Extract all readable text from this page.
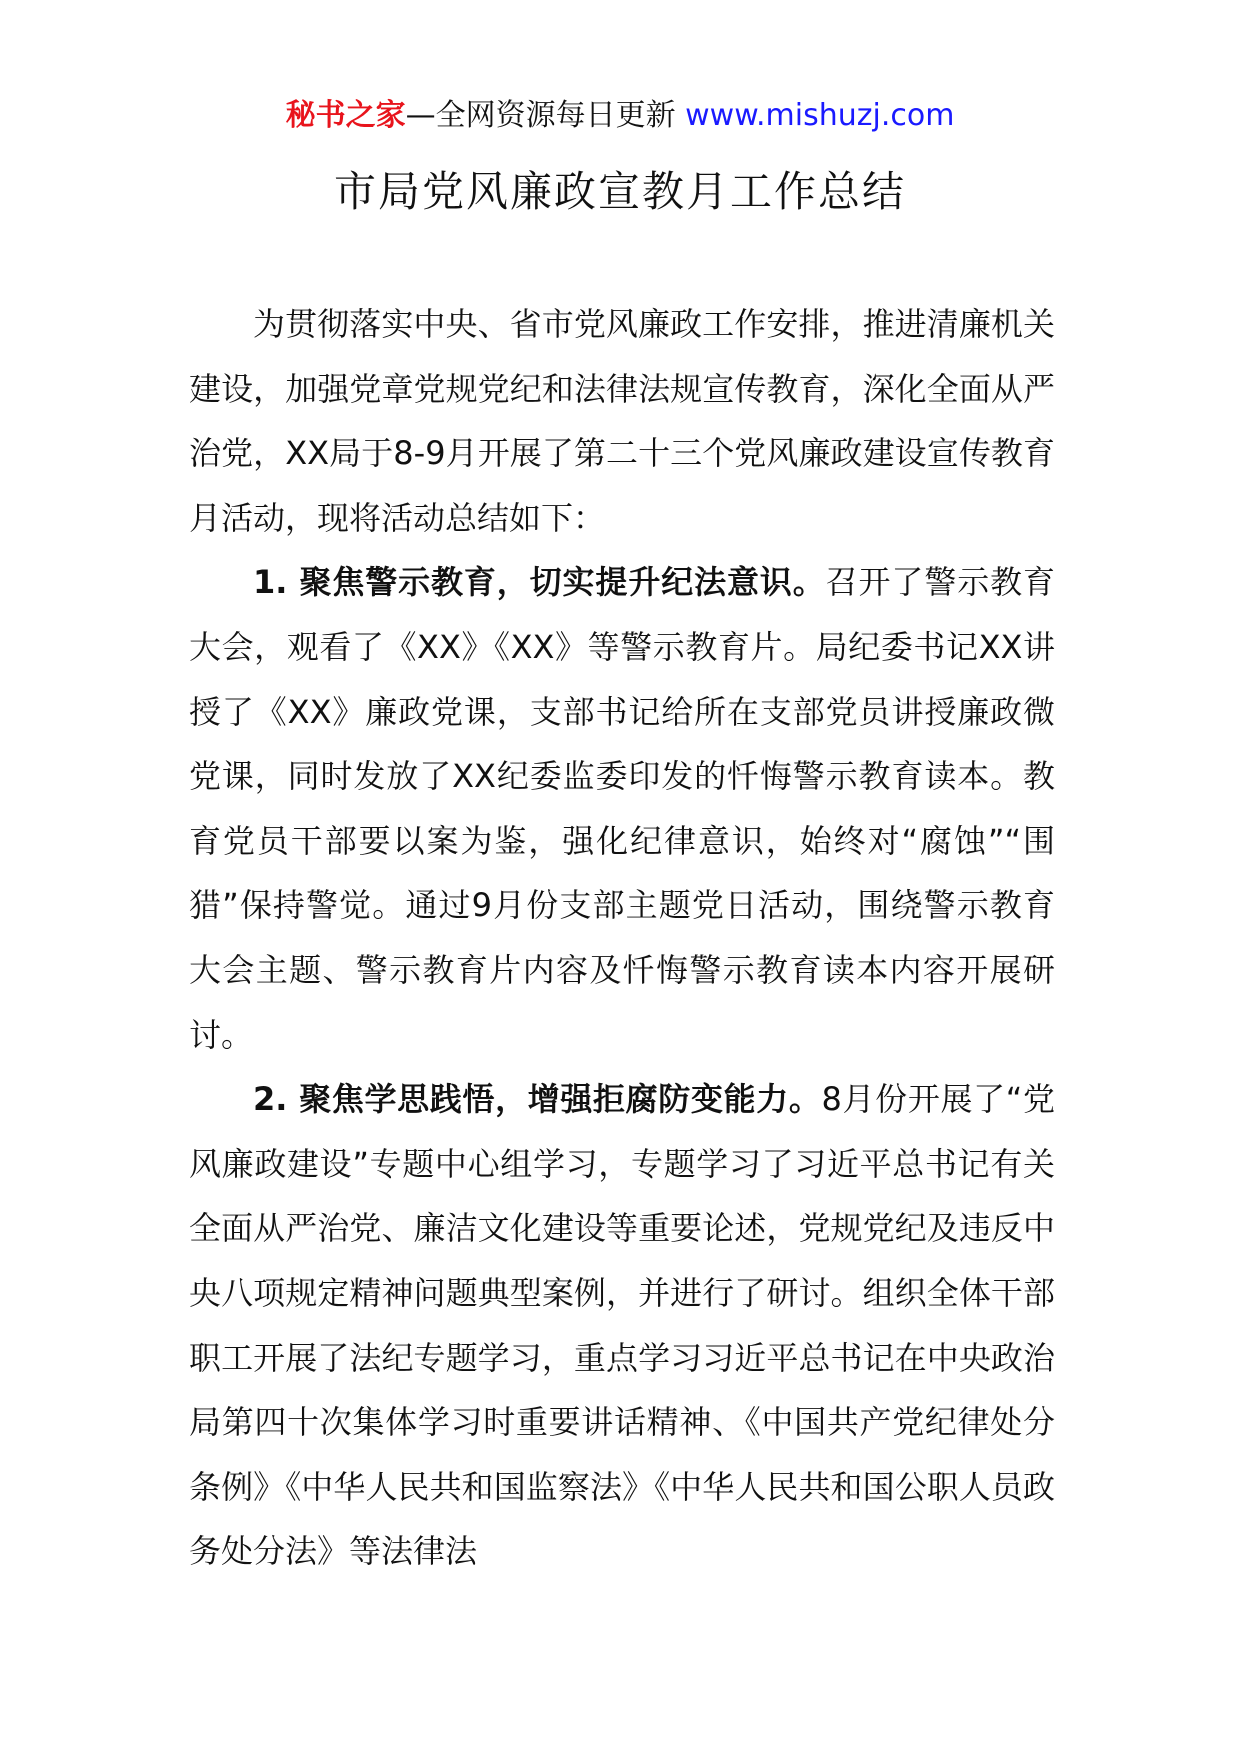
秘书之家—全网资源每日更新 www.mishuzj.com
市局党风廉政宣教月工作总结

为贯彻落实中央、省市党风廉政工作安排，推进清廉机关建设，加强党章党规党纪和法律法规宣传教育，深化全面从严治党，XX局于8-9月开展了第二十三个党风廉政建设宣传教育月活动，现将活动总结如下：

1. 聚焦警示教育，切实提升纪法意识。召开了警示教育大会，观看了《XX》《XX》等警示教育片。局纪委书记XX讲授了《XX》廉政党课，支部书记给所在支部党员讲授廉政微党课，同时发放了XX纪委监委印发的忏悔警示教育读本。教育党员干部要以案为鉴，强化纪律意识，始终对“腐蚀”“围猎”保持警觉。通过9月份支部主题党日活动，围绕警示教育大会主题、警示教育片内容及忏悔警示教育读本内容开展研讨。

2. 聚焦学思践悟，增强拒腐防变能力。8月份开展了“党风廉政建设”专题中心组学习，专题学习了习近平总书记有关全面从严治党、廉洁文化建设等重要论述，党规党纪及违反中央八项规定精神问题典型案例，并进行了研讨。组织全体干部职工开展了法纪专题学习，重点学习习近平总书记在中央政治局第四十次集体学习时重要讲话精神、《中国共产党纪律处分条例》《中华人民共和国监察法》《中华人民共和国公职人员政务处分法》等法律法
